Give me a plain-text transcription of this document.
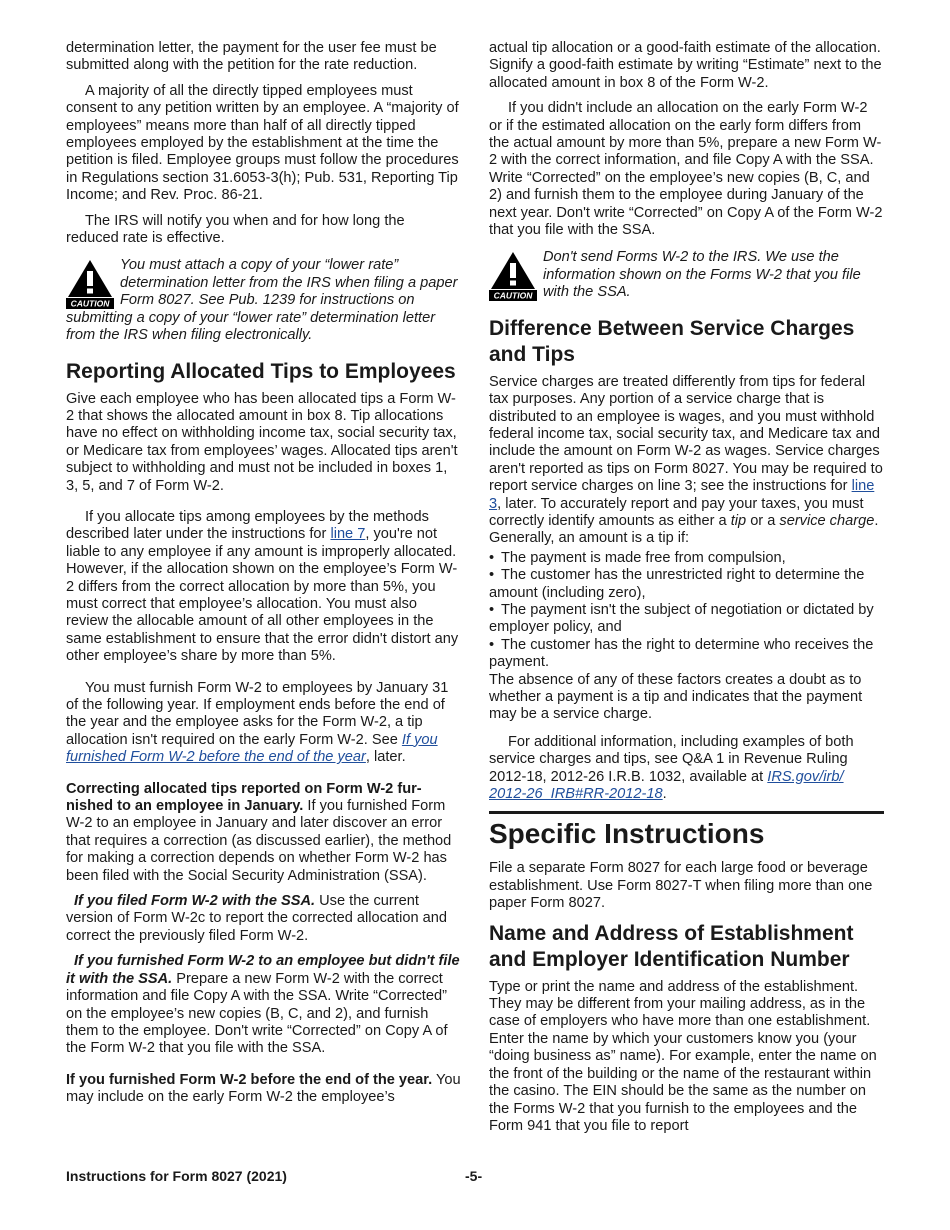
determination letter, the payment for the user fee must be submitted along with the petition for the rate reduction.

A majority of all the directly tipped employees must consent to any petition written by an employee. A “majority of employees” means more than half of all directly tipped employees employed by the establishment at the time the petition is filed. Employee groups must follow the procedures in Regulations section 31.6053-3(h); Pub. 531, Reporting Tip Income; and Rev. Proc. 86-21.

The IRS will notify you when and for how long the reduced rate is effective.

CAUTION
You must attach a copy of your “lower rate” determination letter from the IRS when filing a paper Form 8027. See Pub. 1239 for instructions on submitting a copy of your “lower rate” determination letter from the IRS when filing electronically.
Reporting Allocated Tips to Employees

Give each employee who has been allocated tips a Form W-2 that shows the allocated amount in box 8. Tip allocations have no effect on withholding income tax, social security tax, or Medicare tax from employees’ wages. Allocated tips aren't subject to withholding and must not be included in boxes 1, 3, 5, and 7 of Form W-2.

If you allocate tips among employees by the methods described later under the instructions for line 7, you're not liable to any employee if any amount is improperly allocated. However, if the allocation shown on the employee’s Form W-2 differs from the correct allocation by more than 5%, you must correct that employee’s allocation. You must also review the allocable amount of all other employees in the same establishment to ensure that the error didn't distort any other employee’s share by more than 5%.

You must furnish Form W-2 to employees by January 31 of the following year. If employment ends before the end of the year and the employee asks for the Form W-2, a tip allocation isn't required on the early Form W-2. See If you furnished Form W-2 before the end of the year, later.

Correcting allocated tips reported on Form W-2 fur- nished to an employee in January. If you furnished Form W-2 to an employee in January and later discover an error that requires a correction (as discussed earlier), the method for making a correction depends on whether Form W-2 has been filed with the Social Security Administration (SSA).

If you filed Form W-2 with the SSA. Use the current version of Form W-2c to report the corrected allocation and correct the previously filed Form W-2.

If you furnished Form W-2 to an employee but didn't file it with the SSA. Prepare a new Form W-2 with the correct information and file Copy A with the SSA. Write “Corrected” on the employee’s new copies (B, C, and 2), and furnish them to the employee. Don't write “Corrected” on Copy A of the Form W-2 that you file with the SSA.

If you furnished Form W-2 before the end of the year. You may include on the early Form W-2 the employee’s

actual tip allocation or a good-faith estimate of the allocation. Signify a good-faith estimate by writing “Estimate” next to the allocated amount in box 8 of the Form W-2.

If you didn't include an allocation on the early Form W-2 or if the estimated allocation on the early form differs from the actual amount by more than 5%, prepare a new Form W-2 with the correct information, and file Copy A with the SSA. Write “Corrected” on the employee’s new copies (B, C, and 2) and furnish them to the employee during January of the next year. Don't write “Corrected” on Copy A of the Form W-2 that you file with the SSA.

CAUTION
Don't send Forms W-2 to the IRS. We use the information shown on the Forms W-2 that you file with the SSA.
Difference Between Service Charges and Tips

Service charges are treated differently from tips for federal tax purposes. Any portion of a service charge that is distributed to an employee is wages, and you must withhold federal income tax, social security tax, and Medicare tax and include the amount on Form W-2 as wages. Service charges aren't reported as tips on Form 8027. You may be required to report service charges on line 3; see the instructions for line 3, later. To accurately report and pay your taxes, you must correctly identify amounts as either a tip or a service charge. Generally, an amount is a tip if:

• The payment is made free from compulsion,
• The customer has the unrestricted right to determine the amount (including zero),
• The payment isn't the subject of negotiation or dictated by employer policy, and
• The customer has the right to determine who receives the payment.

The absence of any of these factors creates a doubt as to whether a payment is a tip and indicates that the payment may be a service charge.

For additional information, including examples of both service charges and tips, see Q&A 1 in Revenue Ruling 2012-18, 2012-26 I.R.B. 1032, available at IRS.gov/irb/ 2012-26_IRB#RR-2012-18.

Specific Instructions

File a separate Form 8027 for each large food or beverage establishment. Use Form 8027-T when filing more than one paper Form 8027.

Name and Address of Establishment and Employer Identification Number

Type or print the name and address of the establishment. They may be different from your mailing address, as in the case of employers who have more than one establishment. Enter the name by which your customers know you (your “doing business as” name). For example, enter the name on the front of the building or the name of the restaurant within the casino. The EIN should be the same as the number on the Forms W-2 that you furnish to the employees and the Form 941 that you file to report

Instructions for Form 8027 (2021)	-5-
